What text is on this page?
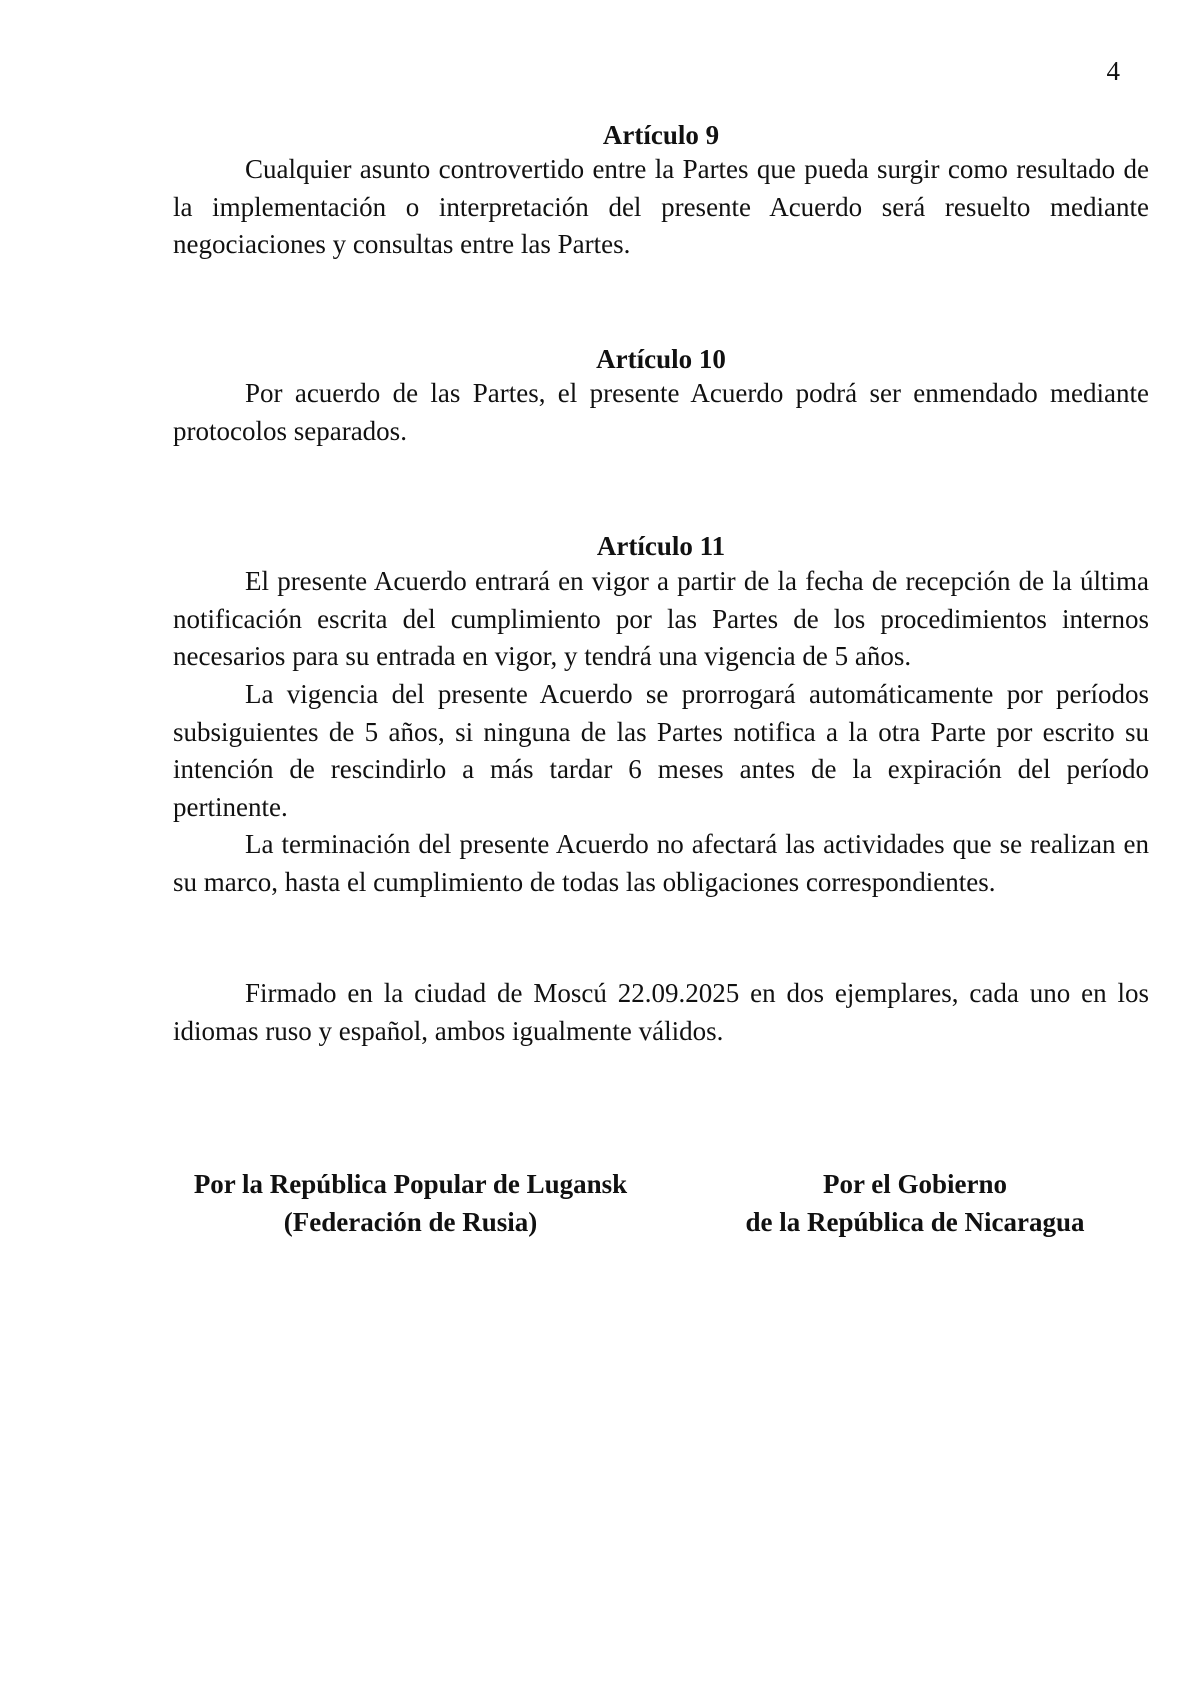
4
Artículo 9

Cualquier asunto controvertido entre la Partes que pueda surgir como resultado de la implementación o interpretación del presente Acuerdo será resuelto mediante negociaciones y consultas entre las Partes.

Artículo 10

Por acuerdo de las Partes, el presente Acuerdo podrá ser enmendado mediante protocolos separados.

Artículo 11

El presente Acuerdo entrará en vigor a partir de la fecha de recepción de la última notificación escrita del cumplimiento por las Partes de los procedimientos internos necesarios para su entrada en vigor, y tendrá una vigencia de 5 años.

La vigencia del presente Acuerdo se prorrogará automáticamente por períodos subsiguientes de 5 años, si ninguna de las Partes notifica a la otra Parte por escrito su intención de rescindirlo a más tardar 6 meses antes de la expiración del período pertinente.

La terminación del presente Acuerdo no afectará las actividades que se realizan en su marco, hasta el cumplimiento de todas las obligaciones correspondientes.

Firmado en la ciudad de Moscú 22.09.2025 en dos ejemplares, cada uno en los idiomas ruso y español, ambos igualmente válidos.

Por la República Popular de Lugansk
(Federación de Rusia)
Por el Gobierno
de la República de Nicaragua
